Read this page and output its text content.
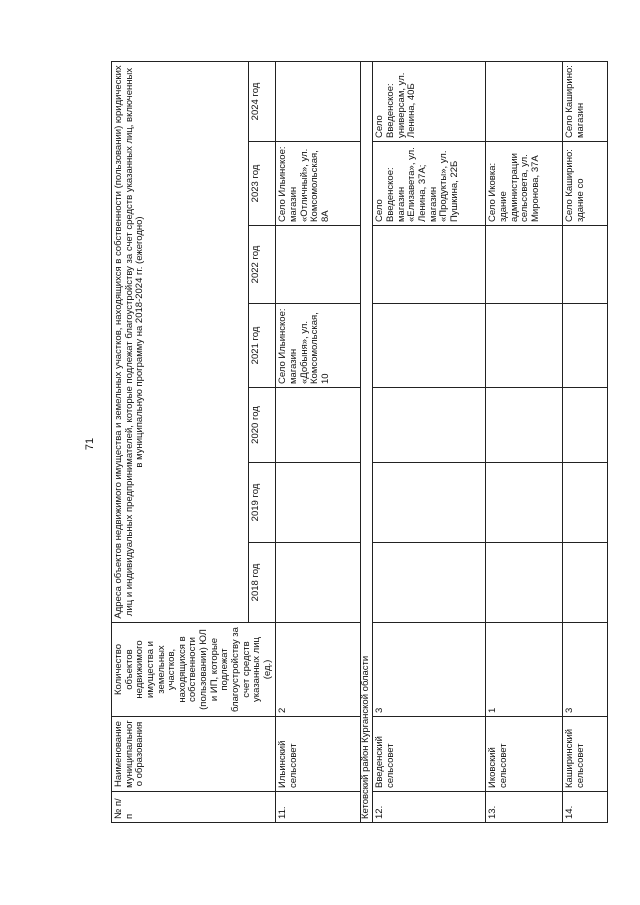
71
№ п/п	Наименование муниципального образования	Количество объектов недвижимого имущества и земельных участков, находящихся в собственности (пользовании) ЮЛ и ИП, которые подлежат благоустройству за счет средств указанных лиц (ед.)	Адреса объектов недвижимого имущества и земельных участков, находящихся в собственности (пользовании) юридических лиц и индивидуальных предпринимателей, которые подлежат благоустройству за счет средств указанных лиц, включенных в муниципальную программу на 2018-2024 гг. (ежегодно)						
			2018 год	2019 год	2020 год	2021 год	2022 год	2023 год	2024 год
11.	Ильинский сельсовет	2				Село Ильинское: магазин «Добыня», ул. Комсомольская, 10		Село Ильинское: магазин «Отличный», ул. Комсомольская, 8А	
Кетовский район Курганской области									
12.	Введенский сельсовет	3						Село Введенское: магазин «Елизавета», ул. Ленина, 37А; магазин «Продукты», ул. Пушкина, 22Б	Село Введенское: универсам, ул. Ленина, 40Б
13.	Иковский сельсовет	1						Село Иковка: здание администрации сельсовета, ул. Миронова, 37А	
14.	Каширинский сельсовет	3						Село Каширино: здание со	Село Каширино: магазин
